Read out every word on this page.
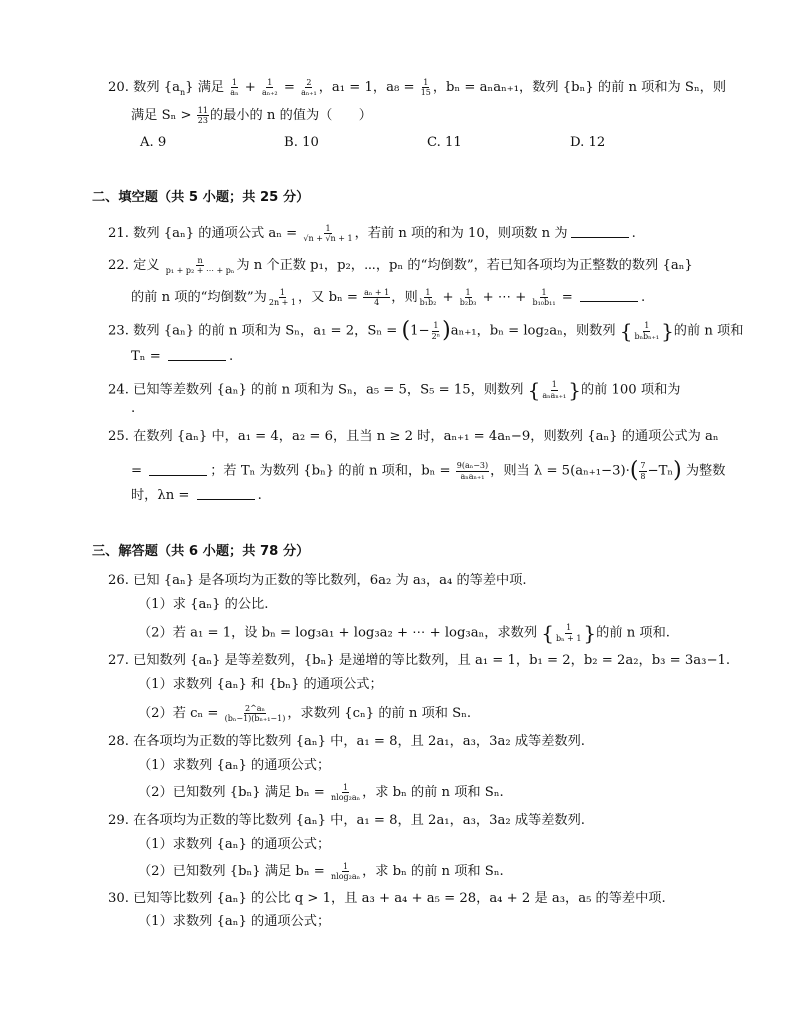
20. 数列 $\{a_n\}$ 满足 $\frac{1}{\text{aₙ}} + \frac{1}{\text{aₙ₊₂}} = \frac{2}{\text{aₙ₊₁}}$ ，a₁ = 1，$a_8 = \frac{1}{15}$ ，bₙ = aₙaₙ₊₁，数列 {bₙ} 的前 n 项和为 Sₙ，则
满足 $S_n > \frac{11}{23}$ 的最小的 n 的值为（　　）
A. 9	B. 10	C. 11	D. 12
二、填空题（共 5 小题；共 25 分）
21. 数列 {aₙ} 的通项公式 $a_n = \frac{1}{√n + √n + 1}$ ，若前 n 项的和为 10，则项数 n 为	.
22. 定义 $\frac{n}{\text{p₁ + p₂ + ⋯ + pₙ}}$ 为 n 个正数 p₁，p₂，⋯，pₙ 的“均倒数”，若已知各项均为正整数的数列 {aₙ}
的前 n 项的“均倒数”为 $\frac{1}{2n + 1}$ ，又 $b_n = \frac{\text{aₙ + 1}}{4}$ ，则 $\frac{1}{\text{b₁b₂}} + \frac{1}{\text{b₂b₃}}$ + ⋯ + $\frac{1}{\text{b₁₀b₁₁}}$ =	.
23. 数列 {aₙ} 的前 n 项和为 Sₙ，a₁ = 2，$S_n = (1- \frac{1}{\text{2ⁿ}} )a_{n+1}$，bₙ = log₂aₙ，则数列 { $\frac{1}{\text{bₙbₙ₊₁}}$ }的前 n 项和
Tₙ =	.
24. 已知等差数列 {aₙ} 的前 n 项和为 Sₙ，a₅ = 5，S₅ = 15，则数列 { $\frac{1}{\text{aₙaₙ₊₁}}$ }的前 100 项和为
.
25. 在数列 {aₙ} 中，a₁ = 4，a₂ = 6，且当 n ≥ 2 时，aₙ₊₁ = 4aₙ−9，则数列 {aₙ} 的通项公式为 aₙ
=	；若 Tₙ 为数列 {bₙ} 的前 n 项和，$b_n = \frac{\text{9(aₙ−3)}}{\text{aₙaₙ₊₁}}$ ，则当 $\lambda = 5(a_{n+1}-3)\cdot( \frac{7}{8} -T_n)$ 为整数
时，λn =	.
三、解答题（共 6 小题；共 78 分）
26. 已知 {aₙ} 是各项均为正数的等比数列，6a₂ 为 a₃，a₄ 的等差中项.
（1）求 {aₙ} 的公比.
（2）若 a₁ = 1，设 bₙ = log₃a₁ + log₃a₂ + ⋯ + log₃aₙ，求数列 { $\frac{1}{\text{bₙ + 1}}$ }的前 n 项和.
27. 已知数列 {aₙ} 是等差数列，{bₙ} 是递增的等比数列，且 a₁ = 1，b₁ = 2，b₂ = 2a₂，b₃ = 3a₃−1.
（1）求数列 {aₙ} 和 {bₙ} 的通项公式；
（2）若 $c_n = \frac{\text{2\textasciicircum{}aₙ}}{\text{(bₙ−1)(bₙ₊₁−1)}}$ ，求数列 {cₙ} 的前 n 项和 Sₙ.
28. 在各项均为正数的等比数列 {aₙ} 中，a₁ = 8，且 2a₁，a₃，3a₂ 成等差数列.
（1）求数列 {aₙ} 的通项公式；
（2）已知数列 {bₙ} 满足 $b_n = \frac{1}{\text{nlog₂aₙ}}$ ，求 bₙ 的前 n 项和 Sₙ.
29. 在各项均为正数的等比数列 {aₙ} 中，a₁ = 8，且 2a₁，a₃，3a₂ 成等差数列.
（1）求数列 {aₙ} 的通项公式；
（2）已知数列 {bₙ} 满足 $b_n = \frac{1}{\text{nlog₂aₙ}}$ ，求 bₙ 的前 n 项和 Sₙ.
30. 已知等比数列 {aₙ} 的公比 q > 1，且 a₃ + a₄ + a₅ = 28，a₄ + 2 是 a₃，a₅ 的等差中项.
（1）求数列 {aₙ} 的通项公式；
